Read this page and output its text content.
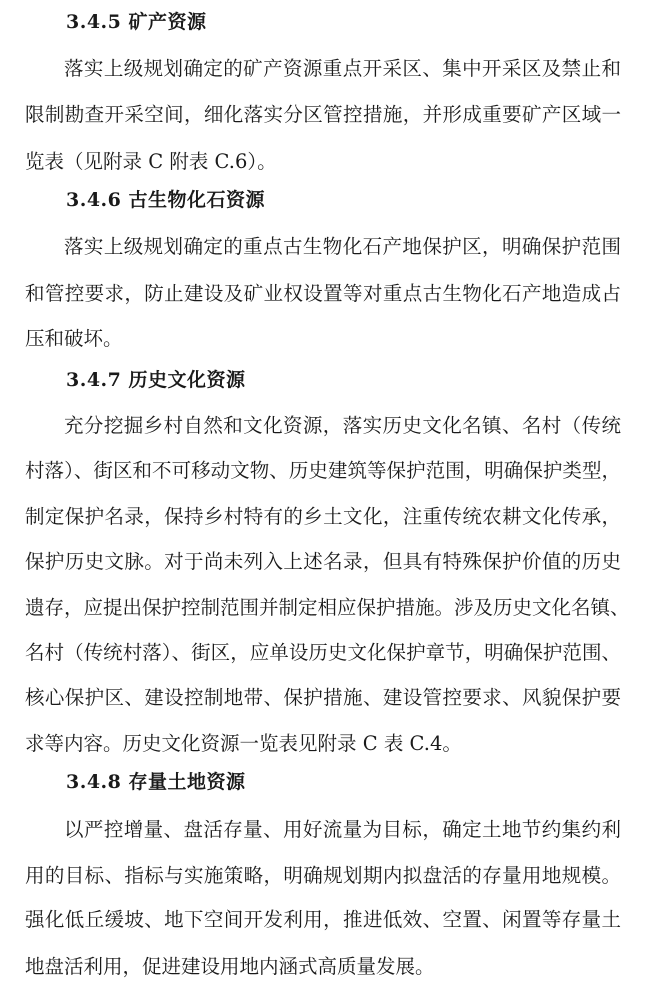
3.4.5 矿产资源
落实上级规划确定的矿产资源重点开采区、集中开采区及禁止和
限制勘查开采空间，细化落实分区管控措施，并形成重要矿产区域一
览表（见附录 C 附表 C.6）。
3.4.6 古生物化石资源
落实上级规划确定的重点古生物化石产地保护区，明确保护范围
和管控要求，防止建设及矿业权设置等对重点古生物化石产地造成占
压和破坏。
3.4.7 历史文化资源
充分挖掘乡村自然和文化资源，落实历史文化名镇、名村（传统
村落）、街区和不可移动文物、历史建筑等保护范围，明确保护类型，
制定保护名录，保持乡村特有的乡土文化，注重传统农耕文化传承，
保护历史文脉。对于尚未列入上述名录，但具有特殊保护价值的历史
遗存，应提出保护控制范围并制定相应保护措施。涉及历史文化名镇、
名村（传统村落）、街区，应单设历史文化保护章节，明确保护范围、
核心保护区、建设控制地带、保护措施、建设管控要求、风貌保护要
求等内容。历史文化资源一览表见附录 C 表 C.4。
3.4.8 存量土地资源
以严控增量、盘活存量、用好流量为目标，确定土地节约集约利
用的目标、指标与实施策略，明确规划期内拟盘活的存量用地规模。
强化低丘缓坡、地下空间开发利用，推进低效、空置、闲置等存量土
地盘活利用，促进建设用地内涵式高质量发展。
